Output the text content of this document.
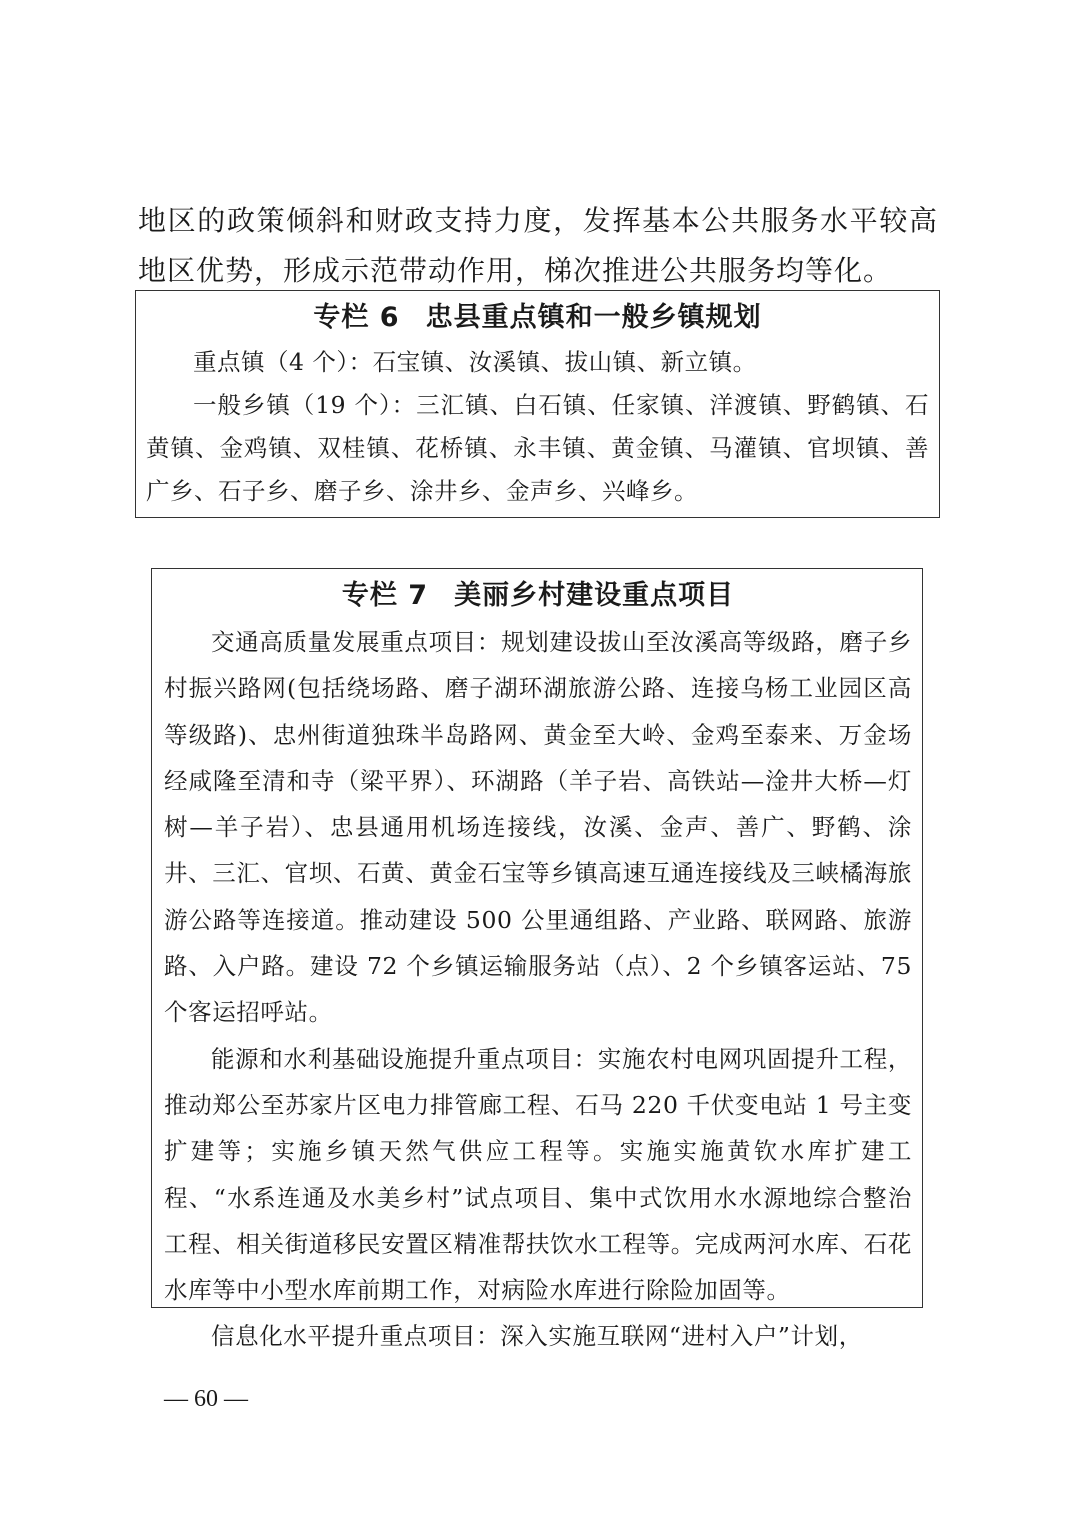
地区的政策倾斜和财政支持力度，发挥基本公共服务水平较高地区优势，形成示范带动作用，梯次推进公共服务均等化。
专栏 6 忠县重点镇和一般乡镇规划

重点镇（4 个）：石宝镇、汝溪镇、拔山镇、新立镇。

一般乡镇（19 个）：三汇镇、白石镇、任家镇、洋渡镇、野鹤镇、石黄镇、金鸡镇、双桂镇、花桥镇、永丰镇、黄金镇、马灌镇、官坝镇、善广乡、石子乡、磨子乡、涂井乡、金声乡、兴峰乡。

专栏 7 美丽乡村建设重点项目

交通高质量发展重点项目：规划建设拔山至汝溪高等级路，磨子乡村振兴路网(包括绕场路、磨子湖环湖旅游公路、连接乌杨工业园区高等级路)、忠州街道独珠半岛路网、黄金至大岭、金鸡至泰来、万金场经咸隆至清和寺（梁平界）、环湖路（羊子岩、高铁站—淦井大桥—灯树—羊子岩）、忠县通用机场连接线，汝溪、金声、善广、野鹤、涂井、三汇、官坝、石黄、黄金石宝等乡镇高速互通连接线及三峡橘海旅游公路等连接道。推动建设 500 公里通组路、产业路、联网路、旅游路、入户路。建设 72 个乡镇运输服务站（点）、2 个乡镇客运站、75 个客运招呼站。

能源和水利基础设施提升重点项目：实施农村电网巩固提升工程，推动郑公至苏家片区电力排管廊工程、石马 220 千伏变电站 1 号主变扩建等；实施乡镇天然气供应工程等。实施实施黄钦水库扩建工程、“水系连通及水美乡村”试点项目、集中式饮用水水源地综合整治工程、相关街道移民安置区精准帮扶饮水工程等。完成两河水库、石花水库等中小型水库前期工作，对病险水库进行除险加固等。

信息化水平提升重点项目：深入实施互联网“进村入户”计划，

— 60 —
